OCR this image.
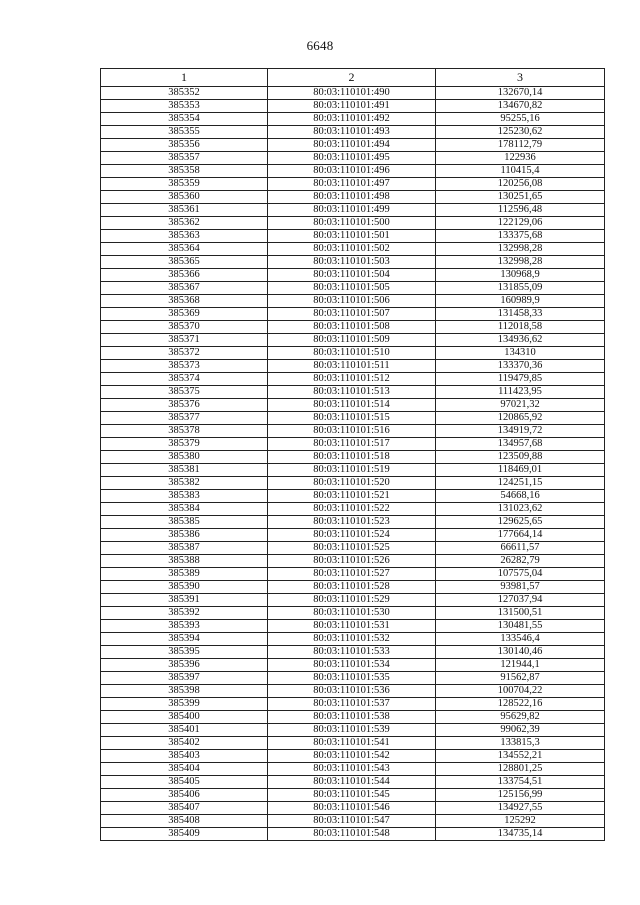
6648
1	2	3
385352	80:03:110101:490	132670,14
385353	80:03:110101:491	134670,82
385354	80:03:110101:492	95255,16
385355	80:03:110101:493	125230,62
385356	80:03:110101:494	178112,79
385357	80:03:110101:495	122936
385358	80:03:110101:496	110415,4
385359	80:03:110101:497	120256,08
385360	80:03:110101:498	130251,65
385361	80:03:110101:499	112596,48
385362	80:03:110101:500	122129,06
385363	80:03:110101:501	133375,68
385364	80:03:110101:502	132998,28
385365	80:03:110101:503	132998,28
385366	80:03:110101:504	130968,9
385367	80:03:110101:505	131855,09
385368	80:03:110101:506	160989,9
385369	80:03:110101:507	131458,33
385370	80:03:110101:508	112018,58
385371	80:03:110101:509	134936,62
385372	80:03:110101:510	134310
385373	80:03:110101:511	133370,36
385374	80:03:110101:512	119479,85
385375	80:03:110101:513	111423,95
385376	80:03:110101:514	97021,32
385377	80:03:110101:515	120865,92
385378	80:03:110101:516	134919,72
385379	80:03:110101:517	134957,68
385380	80:03:110101:518	123509,88
385381	80:03:110101:519	118469,01
385382	80:03:110101:520	124251,15
385383	80:03:110101:521	54668,16
385384	80:03:110101:522	131023,62
385385	80:03:110101:523	129625,65
385386	80:03:110101:524	177664,14
385387	80:03:110101:525	66611,57
385388	80:03:110101:526	26282,79
385389	80:03:110101:527	107575,04
385390	80:03:110101:528	93981,57
385391	80:03:110101:529	127037,94
385392	80:03:110101:530	131500,51
385393	80:03:110101:531	130481,55
385394	80:03:110101:532	133546,4
385395	80:03:110101:533	130140,46
385396	80:03:110101:534	121944,1
385397	80:03:110101:535	91562,87
385398	80:03:110101:536	100704,22
385399	80:03:110101:537	128522,16
385400	80:03:110101:538	95629,82
385401	80:03:110101:539	99062,39
385402	80:03:110101:541	133815,3
385403	80:03:110101:542	134552,21
385404	80:03:110101:543	128801,25
385405	80:03:110101:544	133754,51
385406	80:03:110101:545	125156,99
385407	80:03:110101:546	134927,55
385408	80:03:110101:547	125292
385409	80:03:110101:548	134735,14
